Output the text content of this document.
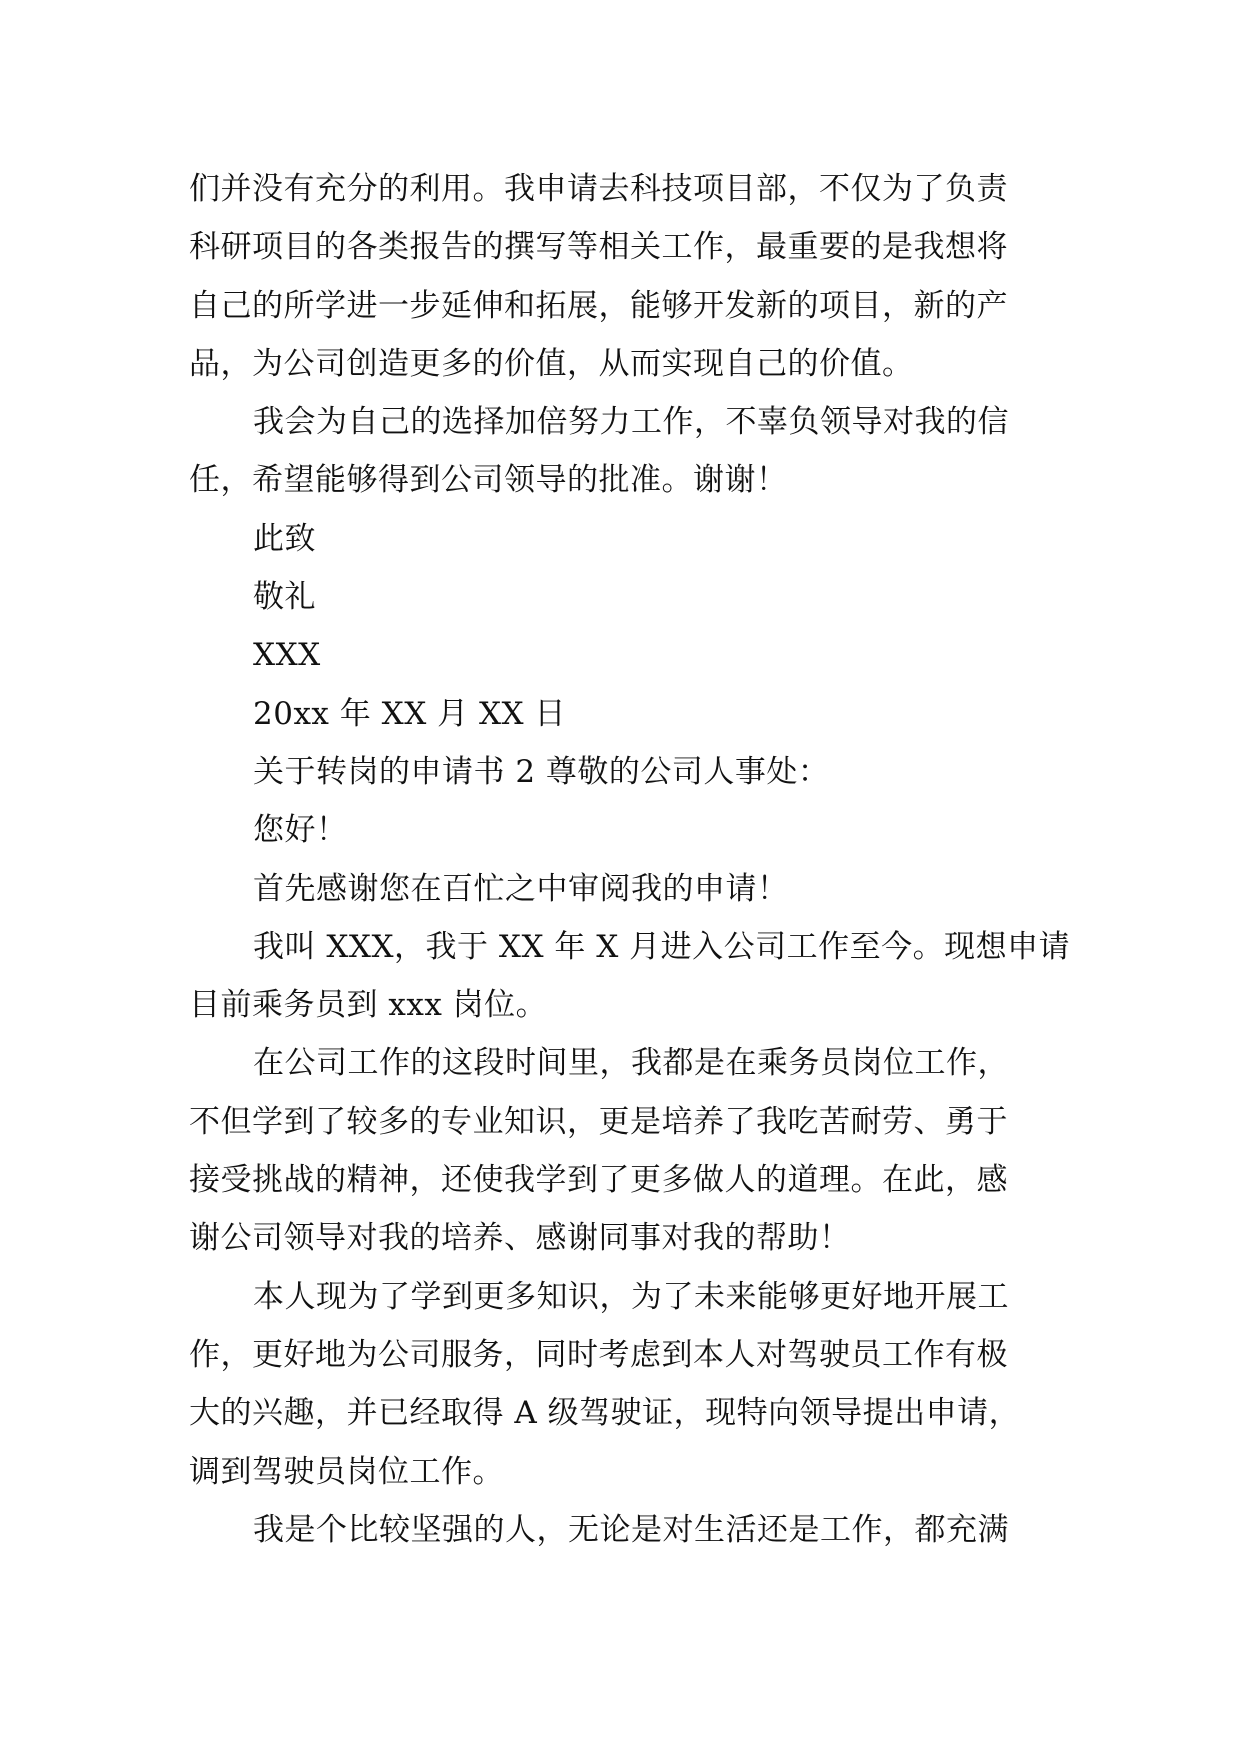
们并没有充分的利用。我申请去科技项目部，不仅为了负责
科研项目的各类报告的撰写等相关工作，最重要的是我想将
自己的所学进一步延伸和拓展，能够开发新的项目，新的产
品，为公司创造更多的价值，从而实现自己的价值。
我会为自己的选择加倍努力工作，不辜负领导对我的信
任，希望能够得到公司领导的批准。谢谢！
此致
敬礼
XXX
20xx 年 XX 月 XX 日
关于转岗的申请书 2 尊敬的公司人事处：
您好！
首先感谢您在百忙之中审阅我的申请！
我叫 XXX，我于 XX 年 X 月进入公司工作至今。现想申请
目前乘务员到 xxx 岗位。
在公司工作的这段时间里，我都是在乘务员岗位工作，
不但学到了较多的专业知识，更是培养了我吃苦耐劳、勇于
接受挑战的精神，还使我学到了更多做人的道理。在此，感
谢公司领导对我的培养、感谢同事对我的帮助！
本人现为了学到更多知识，为了未来能够更好地开展工
作，更好地为公司服务，同时考虑到本人对驾驶员工作有极
大的兴趣，并已经取得 A 级驾驶证，现特向领导提出申请，
调到驾驶员岗位工作。
我是个比较坚强的人，无论是对生活还是工作，都充满
